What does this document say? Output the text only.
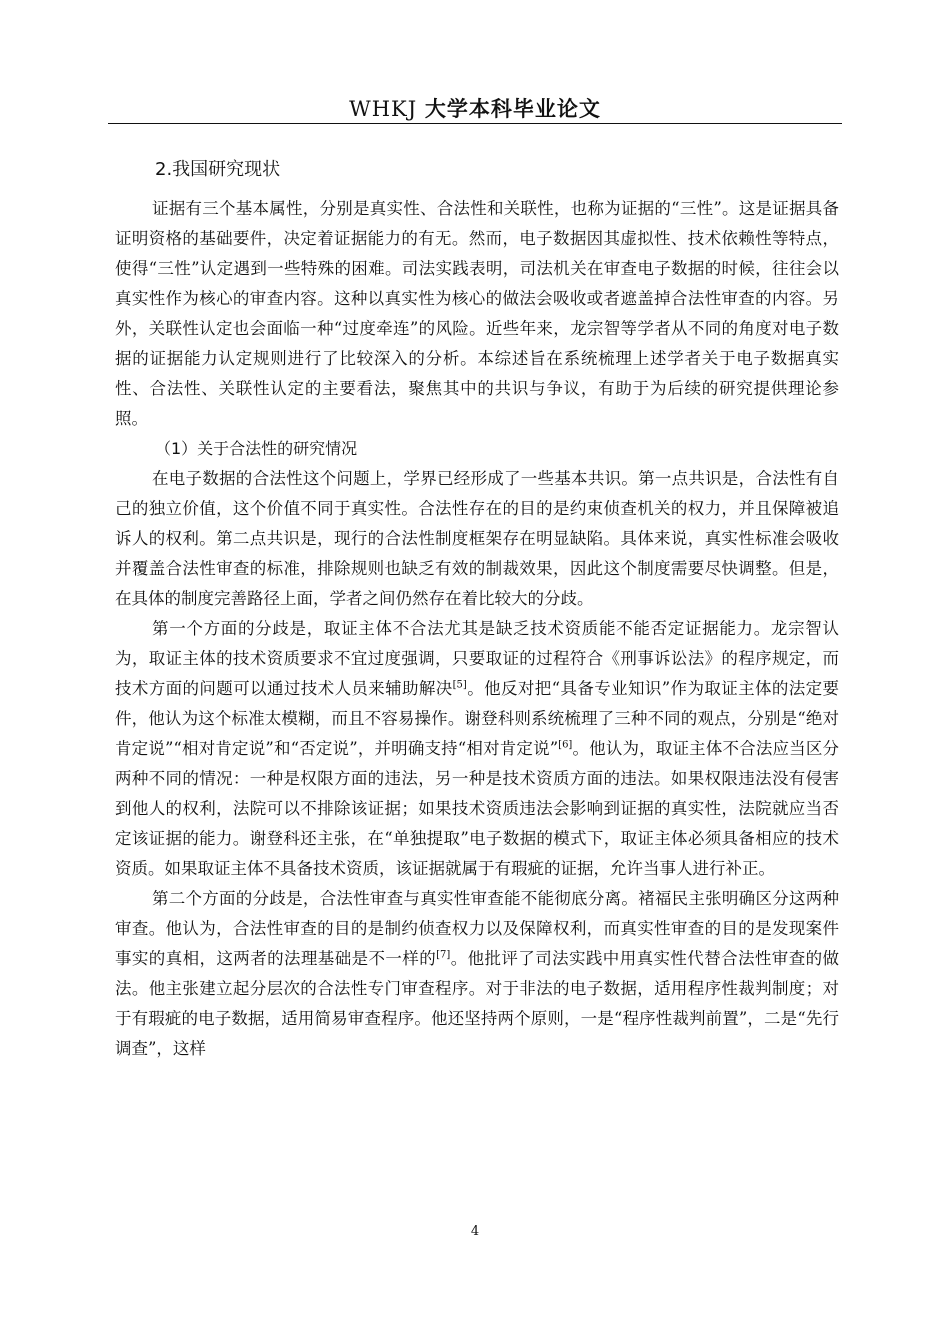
WHKJ 大学本科毕业论文
2.我国研究现状

证据有三个基本属性，分别是真实性、合法性和关联性，也称为证据的“三性”。这是证据具备证明资格的基础要件，决定着证据能力的有无。然而，电子数据因其虚拟性、技术依赖性等特点，使得“三性”认定遇到一些特殊的困难。司法实践表明，司法机关在审查电子数据的时候，往往会以真实性作为核心的审查内容。这种以真实性为核心的做法会吸收或者遮盖掉合法性审查的内容。另外，关联性认定也会面临一种“过度牵连”的风险。近些年来，龙宗智等学者从不同的角度对电子数据的证据能力认定规则进行了比较深入的分析。本综述旨在系统梳理上述学者关于电子数据真实性、合法性、关联性认定的主要看法，聚焦其中的共识与争议，有助于为后续的研究提供理论参照。

（1）关于合法性的研究情况

在电子数据的合法性这个问题上，学界已经形成了一些基本共识。第一点共识是，合法性有自己的独立价值，这个价值不同于真实性。合法性存在的目的是约束侦查机关的权力，并且保障被追诉人的权利。第二点共识是，现行的合法性制度框架存在明显缺陷。具体来说，真实性标准会吸收并覆盖合法性审查的标准，排除规则也缺乏有效的制裁效果，因此这个制度需要尽快调整。但是，在具体的制度完善路径上面，学者之间仍然存在着比较大的分歧。

第一个方面的分歧是，取证主体不合法尤其是缺乏技术资质能不能否定证据能力。龙宗智认为，取证主体的技术资质要求不宜过度强调，只要取证的过程符合《刑事诉讼法》的程序规定，而技术方面的问题可以通过技术人员来辅助解决[5]。他反对把“具备专业知识”作为取证主体的法定要件，他认为这个标准太模糊，而且不容易操作。谢登科则系统梳理了三种不同的观点，分别是“绝对肯定说”“相对肯定说”和“否定说”，并明确支持“相对肯定说”[6]。他认为，取证主体不合法应当区分两种不同的情况：一种是权限方面的违法，另一种是技术资质方面的违法。如果权限违法没有侵害到他人的权利，法院可以不排除该证据；如果技术资质违法会影响到证据的真实性，法院就应当否定该证据的能力。谢登科还主张，在“单独提取”电子数据的模式下，取证主体必须具备相应的技术资质。如果取证主体不具备技术资质，该证据就属于有瑕疵的证据，允许当事人进行补正。

第二个方面的分歧是，合法性审查与真实性审查能不能彻底分离。褚福民主张明确区分这两种审查。他认为，合法性审查的目的是制约侦查权力以及保障权利，而真实性审查的目的是发现案件事实的真相，这两者的法理基础是不一样的[7]。他批评了司法实践中用真实性代替合法性审查的做法。他主张建立起分层次的合法性专门审查程序。对于非法的电子数据，适用程序性裁判制度；对于有瑕疵的电子数据，适用简易审查程序。他还坚持两个原则，一是“程序性裁判前置”，二是“先行调查”，这样

4
